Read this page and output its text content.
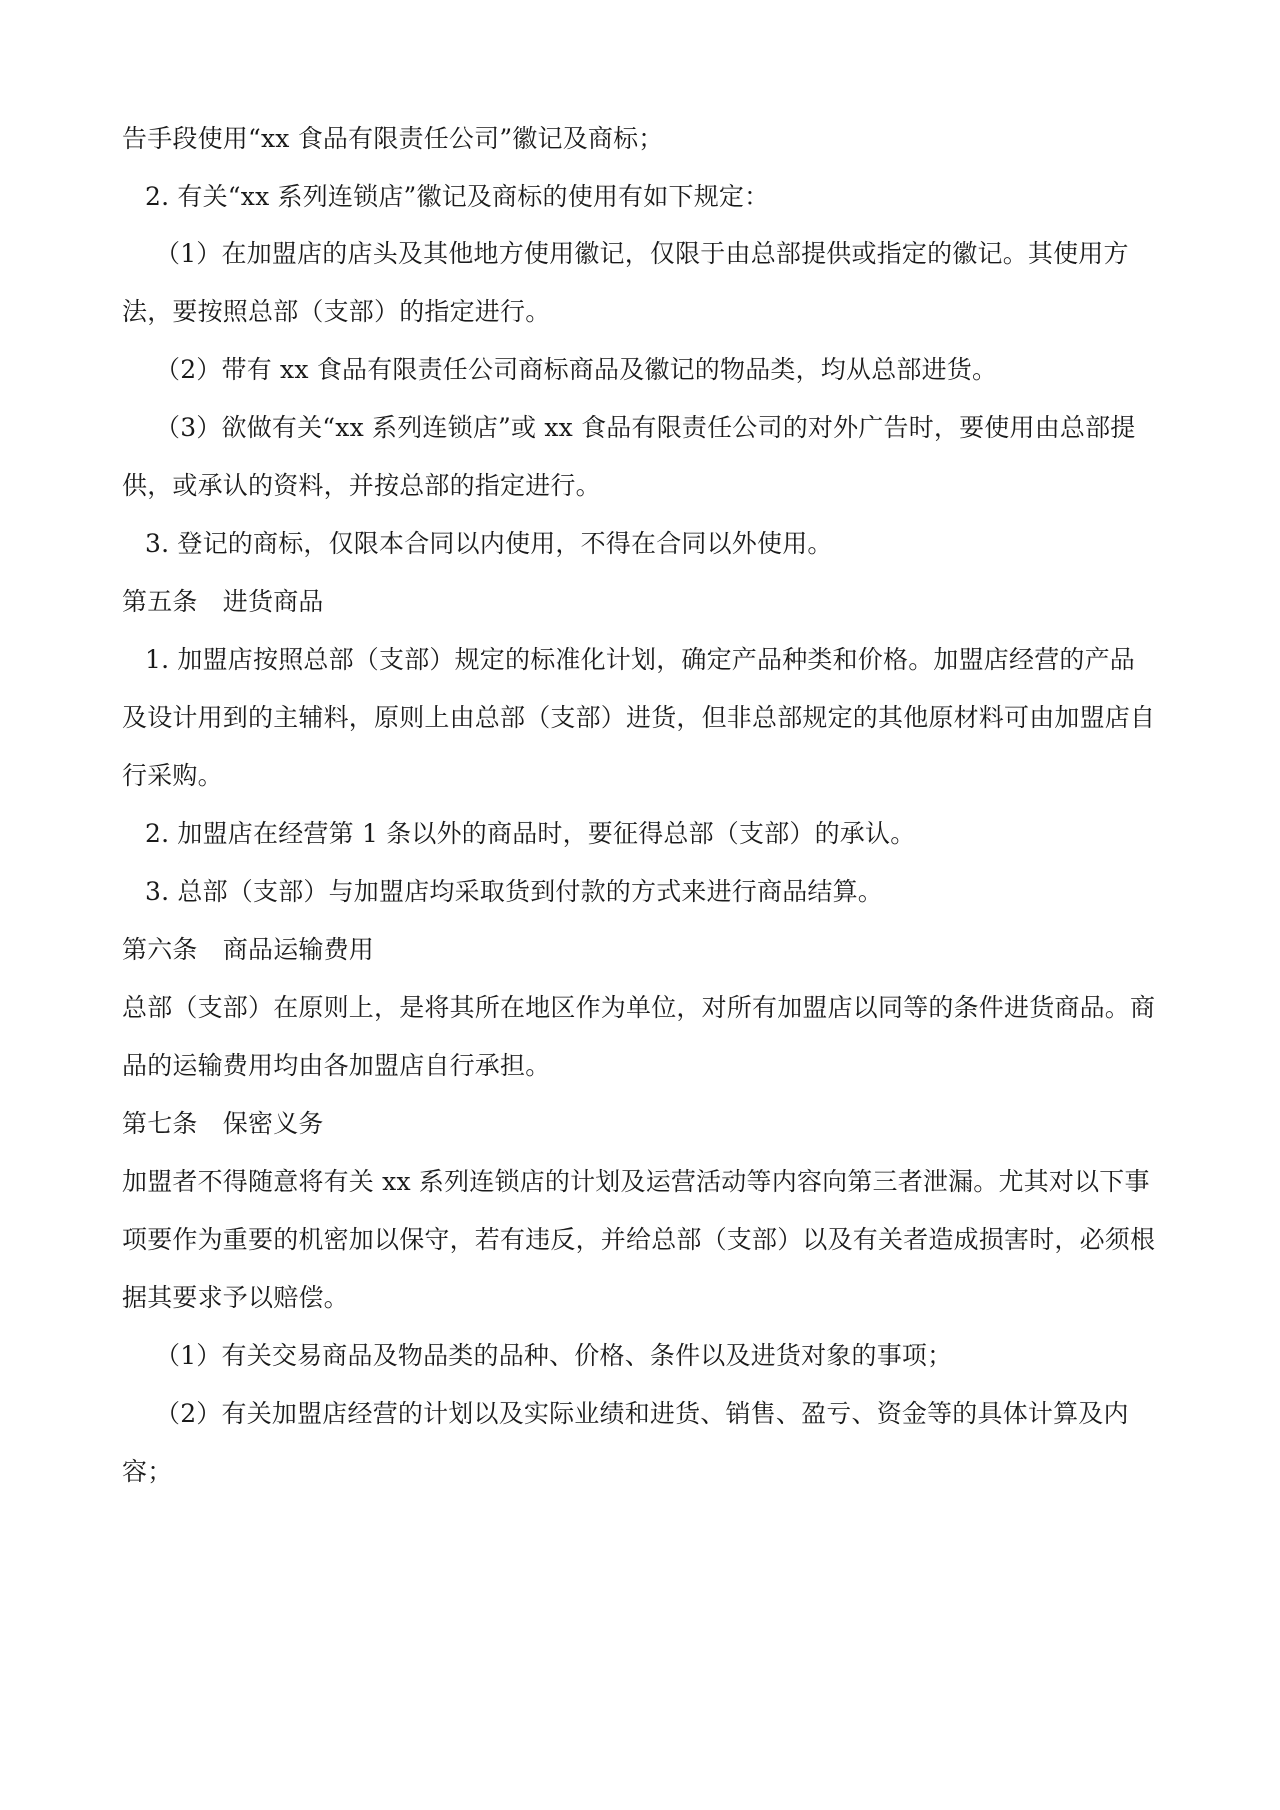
告手段使用“xx 食品有限责任公司”徽记及商标；
2. 有关“xx 系列连锁店”徽记及商标的使用有如下规定：
（1）在加盟店的店头及其他地方使用徽记，仅限于由总部提供或指定的徽记。其使用方
法，要按照总部（支部）的指定进行。
（2）带有 xx 食品有限责任公司商标商品及徽记的物品类，均从总部进货。
（3）欲做有关“xx 系列连锁店”或 xx 食品有限责任公司的对外广告时，要使用由总部提
供，或承认的资料，并按总部的指定进行。
3. 登记的商标，仅限本合同以内使用，不得在合同以外使用。
第五条　进货商品
1. 加盟店按照总部（支部）规定的标准化计划，确定产品种类和价格。加盟店经营的产品
及设计用到的主辅料，原则上由总部（支部）进货，但非总部规定的其他原材料可由加盟店自
行采购。
2. 加盟店在经营第 1 条以外的商品时，要征得总部（支部）的承认。
3. 总部（支部）与加盟店均采取货到付款的方式来进行商品结算。
第六条　商品运输费用
总部（支部）在原则上，是将其所在地区作为单位，对所有加盟店以同等的条件进货商品。商
品的运输费用均由各加盟店自行承担。
第七条　保密义务
加盟者不得随意将有关 xx 系列连锁店的计划及运营活动等内容向第三者泄漏。尤其对以下事
项要作为重要的机密加以保守，若有违反，并给总部（支部）以及有关者造成损害时，必须根
据其要求予以赔偿。
（1）有关交易商品及物品类的品种、价格、条件以及进货对象的事项；
（2）有关加盟店经营的计划以及实际业绩和进货、销售、盈亏、资金等的具体计算及内
容；
